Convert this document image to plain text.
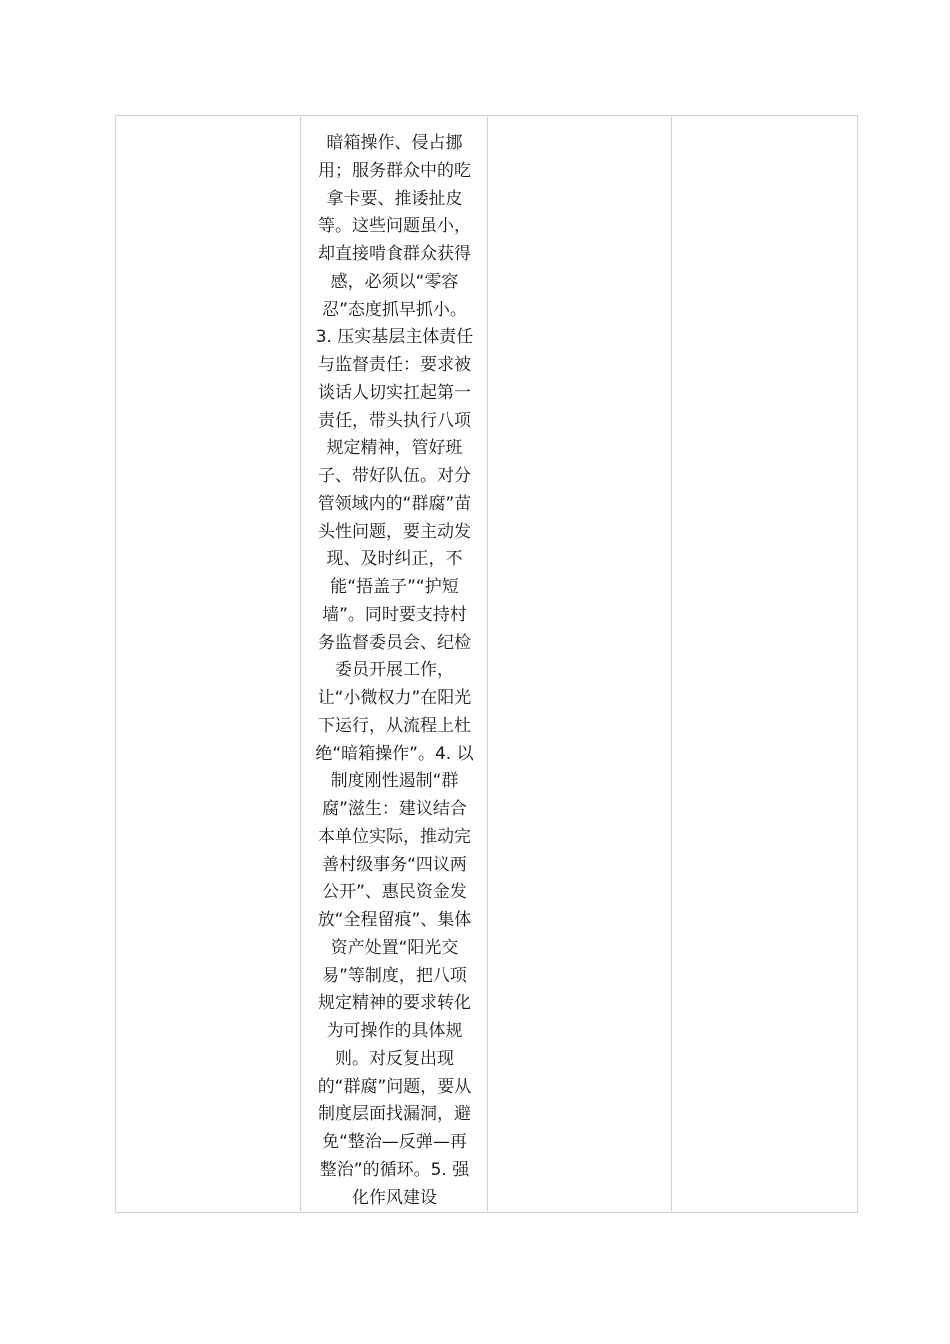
暗箱操作、侵占挪用；服务群众中的吃拿卡要、推诿扯皮等。这些问题虽小，却直接啃食群众获得感，必须以“零容忍”态度抓早抓小。3. 压实基层主体责任与监督责任：要求被谈话人切实扛起第一责任，带头执行八项规定精神，管好班子、带好队伍。对分管领域内的“群腐”苗头性问题，要主动发现、及时纠正，不能“捂盖子”“护短墙”。同时要支持村务监督委员会、纪检委员开展工作，让“小微权力”在阳光下运行，从流程上杜绝“暗箱操作”。4. 以制度刚性遏制“群腐”滋生：建议结合本单位实际，推动完善村级事务“四议两公开”、惠民资金发放“全程留痕”、集体资产处置“阳光交易”等制度，把八项规定精神的要求转化为可操作的具体规则。对反复出现的“群腐”问题，要从制度层面找漏洞，避免“整治—反弹—再整治”的循环。5. 强化作风建设
